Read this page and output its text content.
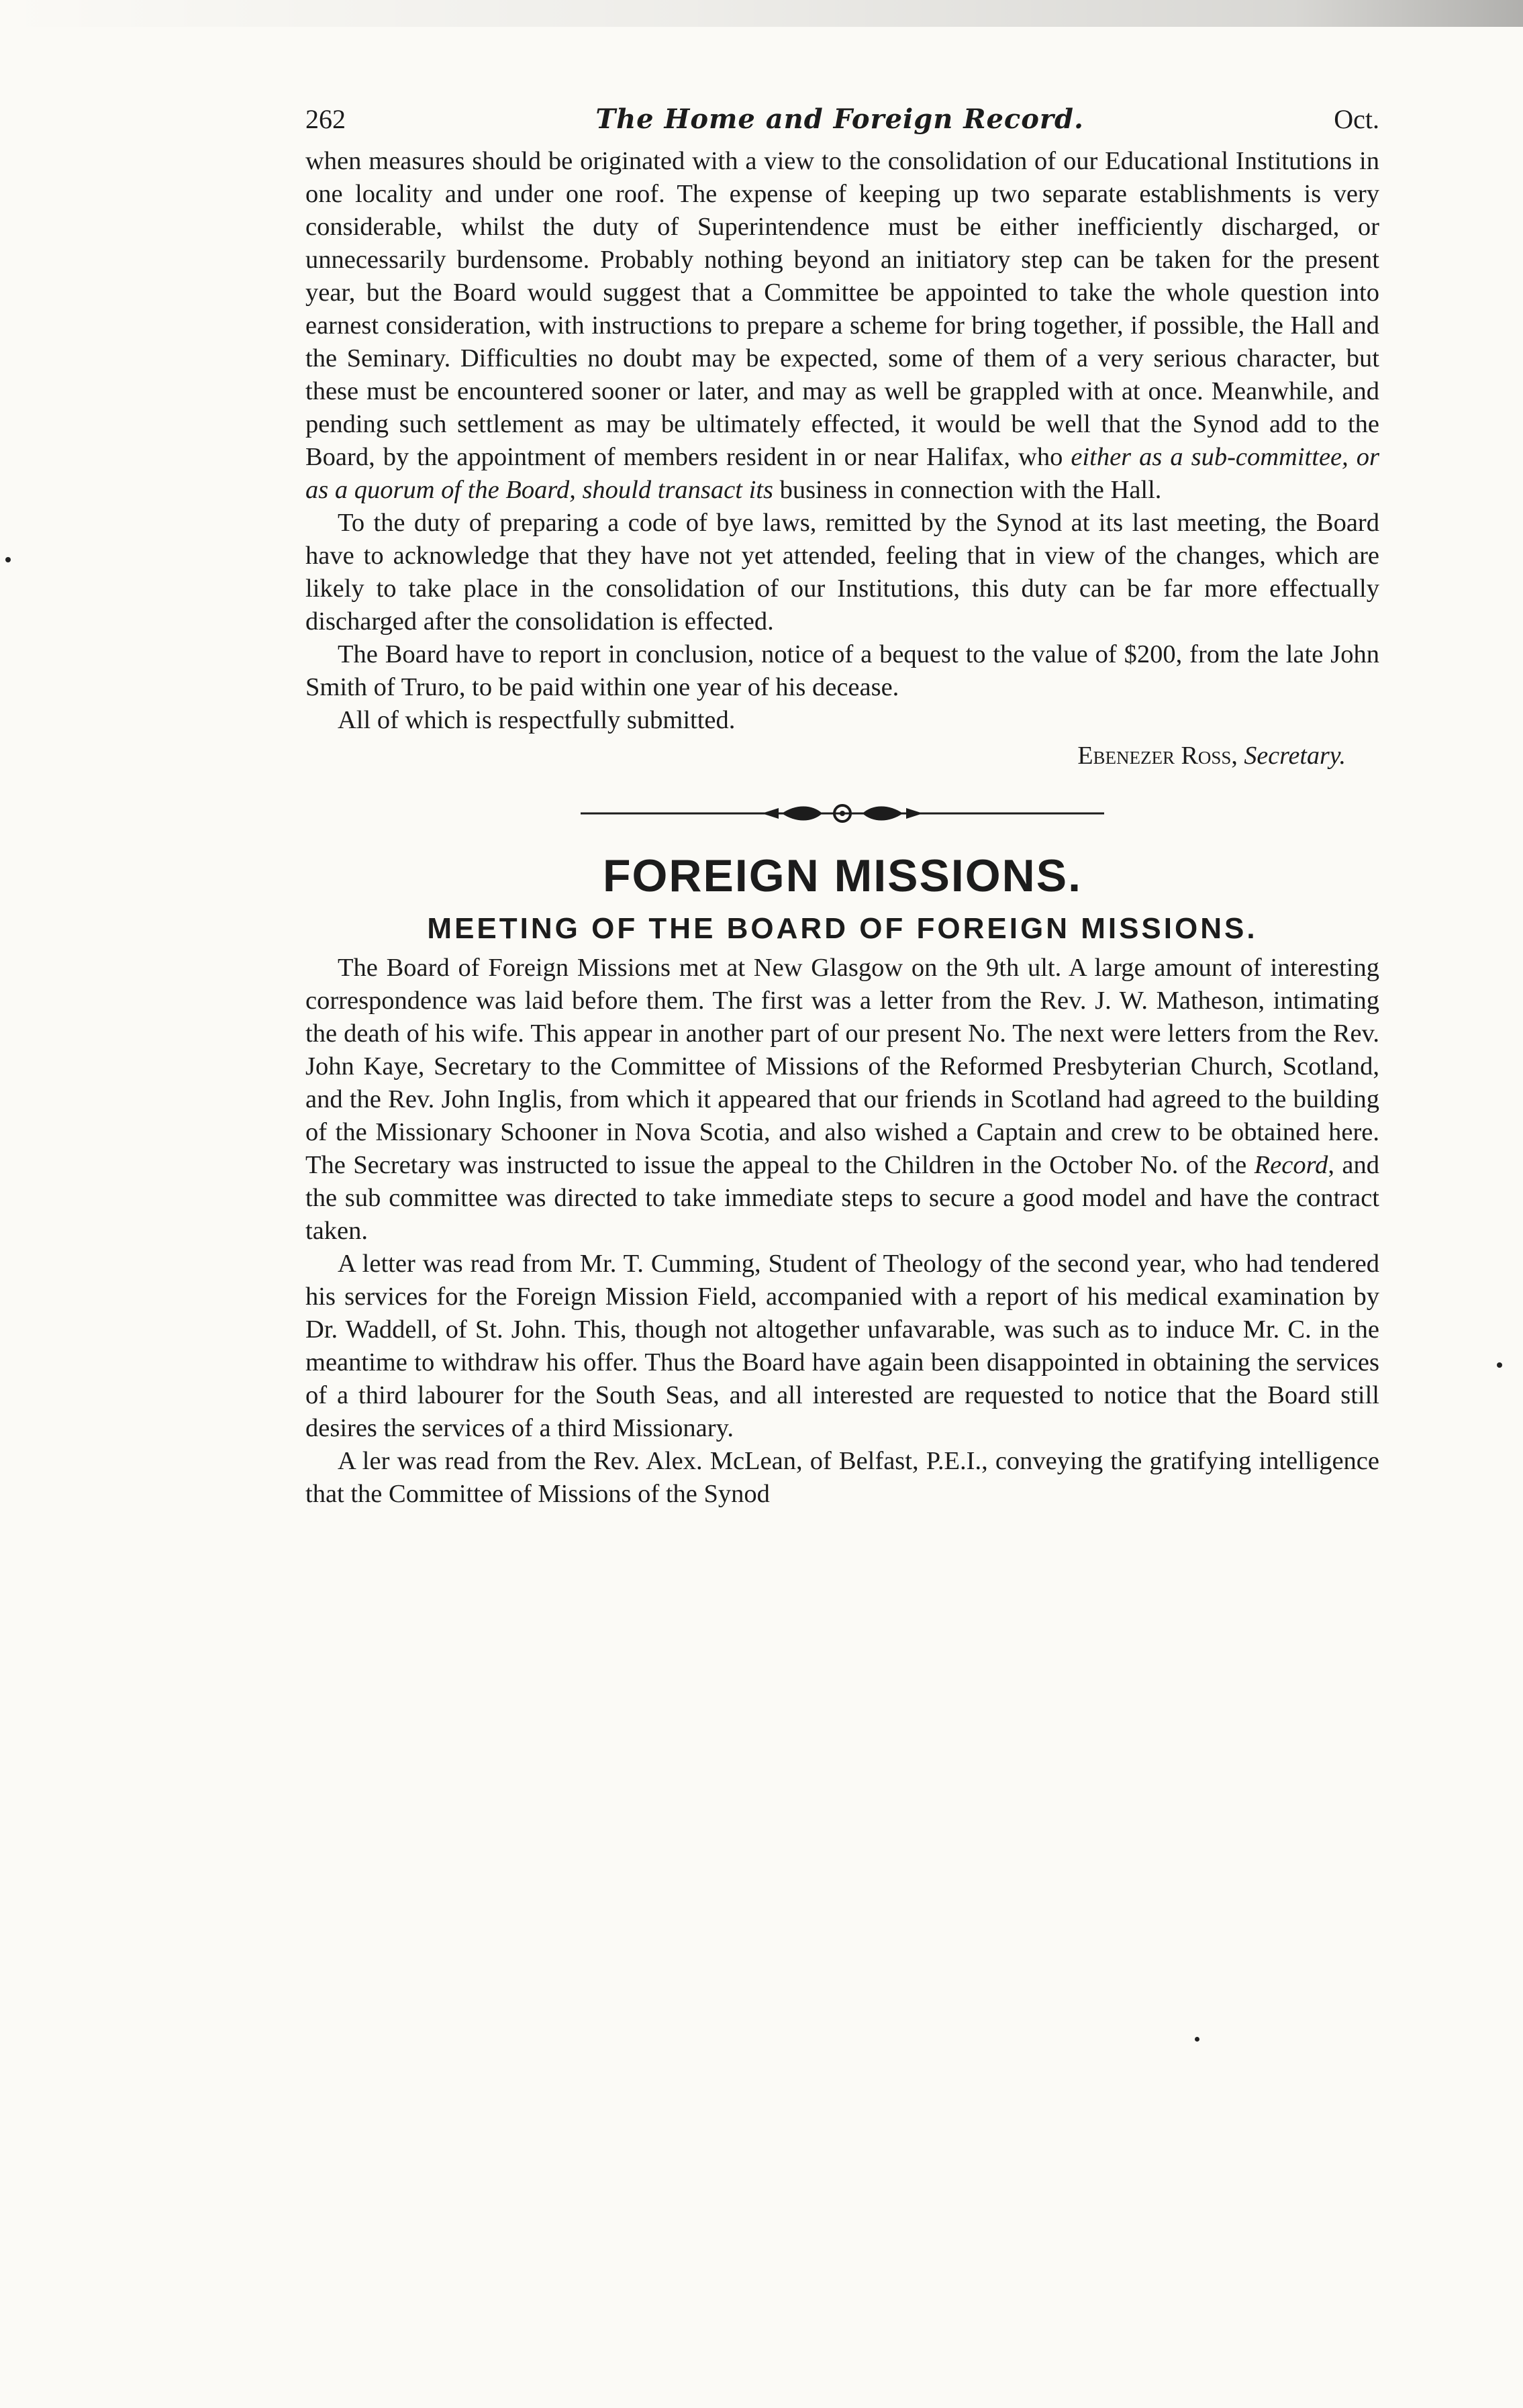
262	The Home and Foreign Record.	Oct.

when measures should be originated with a view to the consolidation of our Educational Institutions in one locality and under one roof. The expense of keeping up two separate establishments is very considerable, whilst the duty of Superintendence must be either inefficiently discharged, or unnecessarily burdensome. Probably nothing beyond an initiatory step can be taken for the present year, but the Board would suggest that a Committee be appointed to take the whole question into earnest consideration, with instructions to prepare a scheme for bring together, if possible, the Hall and the Seminary. Difficulties no doubt may be expected, some of them of a very serious character, but these must be encountered sooner or later, and may as well be grappled with at once. Meanwhile, and pending such settlement as may be ultimately effected, it would be well that the Synod add to the Board, by the appointment of members resident in or near Halifax, who either as a sub-committee, or as a quorum of the Board, should transact its business in connection with the Hall.

To the duty of preparing a code of bye laws, remitted by the Synod at its last meeting, the Board have to acknowledge that they have not yet attended, feeling that in view of the changes, which are likely to take place in the consolidation of our Institutions, this duty can be far more effectually discharged after the consolidation is effected.

The Board have to report in conclusion, notice of a bequest to the value of $200, from the late John Smith of Truro, to be paid within one year of his decease.

All of which is respectfully submitted.

Ebenezer Ross, Secretary.
FOREIGN MISSIONS.
MEETING OF THE BOARD OF FOREIGN MISSIONS.

The Board of Foreign Missions met at New Glasgow on the 9th ult. A large amount of interesting correspondence was laid before them. The first was a letter from the Rev. J. W. Matheson, intimating the death of his wife. This appear in another part of our present No. The next were letters from the Rev. John Kaye, Secretary to the Committee of Missions of the Reformed Presbyterian Church, Scotland, and the Rev. John Inglis, from which it appeared that our friends in Scotland had agreed to the building of the Missionary Schooner in Nova Scotia, and also wished a Captain and crew to be obtained here. The Secretary was instructed to issue the appeal to the Children in the October No. of the Record, and the sub committee was directed to take immediate steps to secure a good model and have the contract taken.

A letter was read from Mr. T. Cumming, Student of Theology of the second year, who had tendered his services for the Foreign Mission Field, accompanied with a report of his medical examination by Dr. Waddell, of St. John. This, though not altogether unfavarable, was such as to induce Mr. C. in the meantime to withdraw his offer. Thus the Board have again been disappointed in obtaining the services of a third labourer for the South Seas, and all interested are requested to notice that the Board still desires the services of a third Missionary.

A ler was read from the Rev. Alex. McLean, of Belfast, P.E.I., conveying the gratifying intelligence that the Committee of Missions of the Synod
